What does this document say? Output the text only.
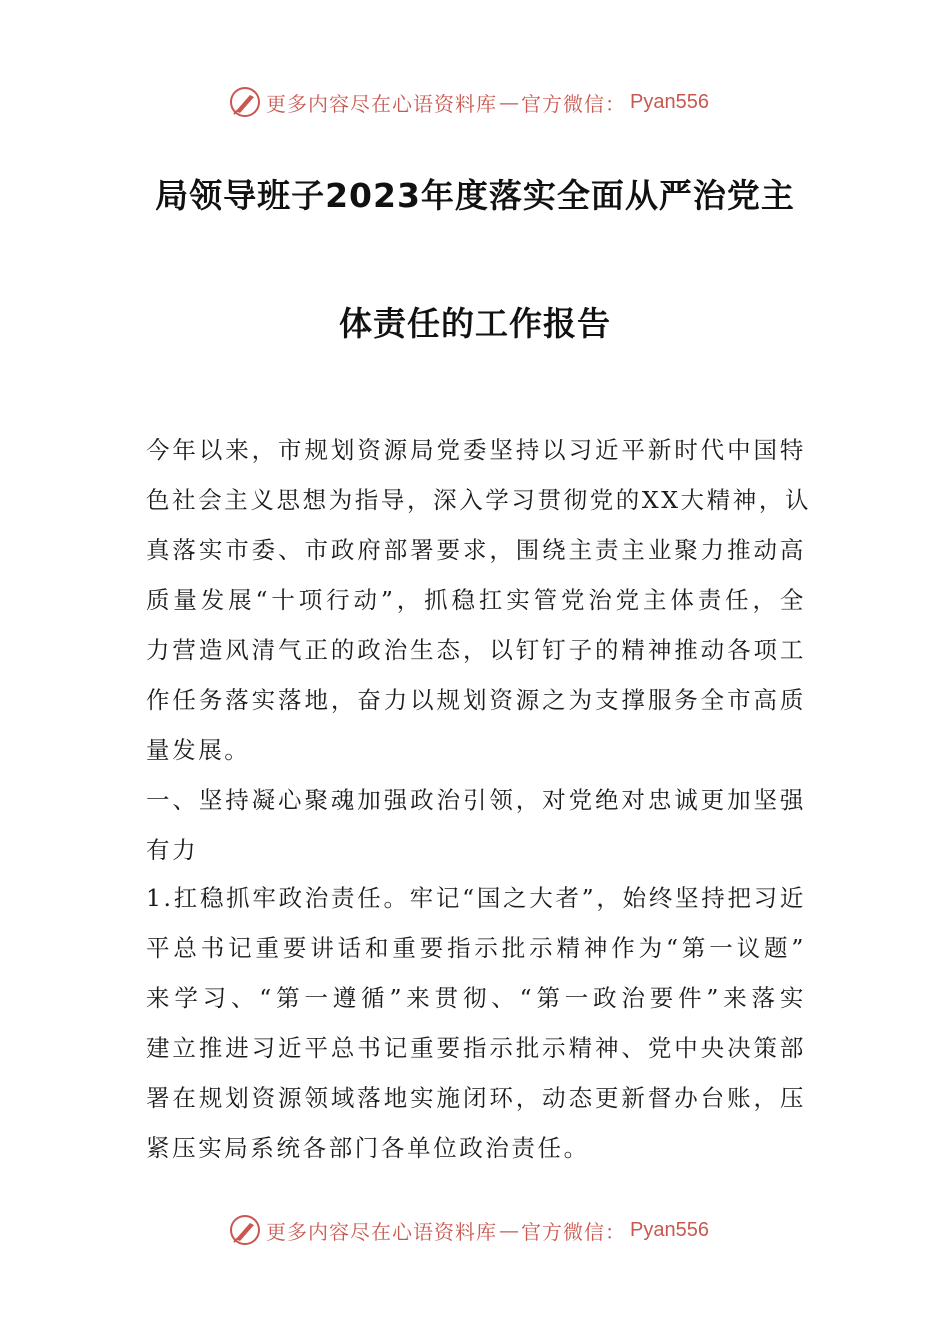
更多内容尽在心语资料库 — 官方微信： Pyan556
局领导班子2023年度落实全面从严治党主
体责任的工作报告
今年以来，市规划资源局党委坚持以习近平新时代中国特
色社会主义思想为指导，深入学习贯彻党的XX大精神，认
真落实市委、市政府部署要求，围绕主责主业聚力推动高
质量发展“十项行动”，抓稳扛实管党治党主体责任，全
力营造风清气正的政治生态，以钉钉子的精神推动各项工
作任务落实落地，奋力以规划资源之为支撑服务全市高质
量发展。
一、坚持凝心聚魂加强政治引领，对党绝对忠诚更加坚强
有力
1.扛稳抓牢政治责任。牢记“国之大者”，始终坚持把习近
平总书记重要讲话和重要指示批示精神作为“第一议题”
来学习、“第一遵循”来贯彻、“第一政治要件”来落实
建立推进习近平总书记重要指示批示精神、党中央决策部
署在规划资源领域落地实施闭环，动态更新督办台账，压
紧压实局系统各部门各单位政治责任。
更多内容尽在心语资料库 — 官方微信： Pyan556
